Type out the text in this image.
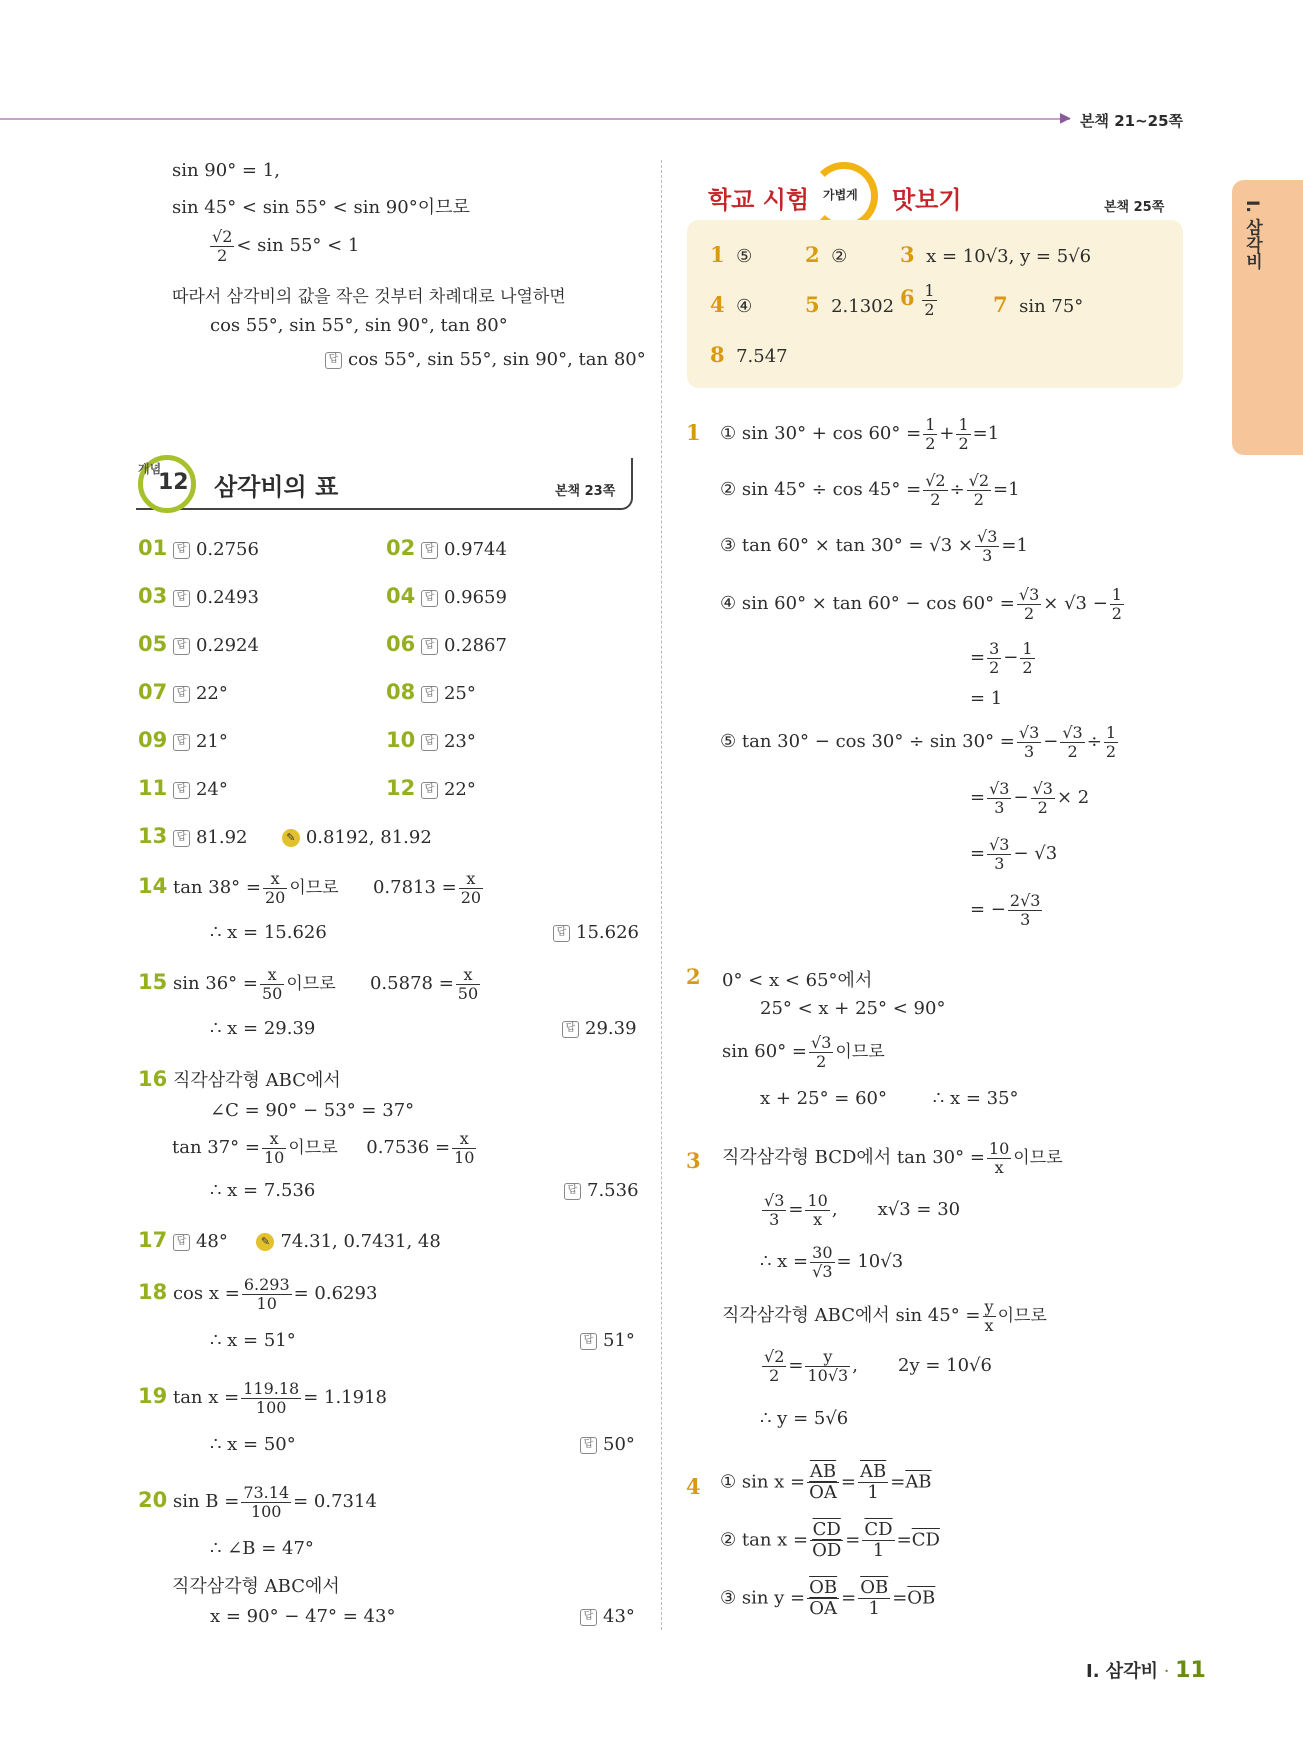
▶ 본책 21~25쪽
I. 삼각비
sin 90° = 1,
sin 45° < sin 55° < sin 90°이므로
$\frac{√2}{2} < \sin 55^\circ < 1$
따라서 삼각비의 값을 작은 것부터 차례대로 나열하면
cos 55°, sin 55°, sin 90°, tan 80°
답 cos 55°, sin 55°, sin 90°, tan 80°
개념
12 삼각비의 표	본책 23쪽
01 답 0.2756	02 답 0.9744
03 답 0.2493	04 답 0.9659
05 답 0.2924	06 답 0.2867
07 답 22°	08 답 25°
09 답 21°	10 답 23°
11 답 24°	12 답 22°
13 답 81.92	✎ 0.8192, 81.92
14 $\tan 38^\circ = \frac{x}{20}$ 이므로 $0.7813 = \frac{x}{20}$
∴ x = 15.626	답 15.626
15 $\sin 36^\circ = \frac{x}{50}$ 이므로 $0.5878 = \frac{x}{50}$
∴ x = 29.39	답 29.39
16 직각삼각형 ABC에서
∠C = 90° − 53° = 37°
$\tan 37^\circ = \frac{x}{10}$ 이므로 $0.7536 = \frac{x}{10}$
∴ x = 7.536	답 7.536
17 답 48°	✎ 74.31, 0.7431, 48
18 $\cos x = \frac{6.293}{10} = 0.6293$
∴ x = 51°	답 51°
19 $\tan x = \frac{119.18}{100} = 1.1918$
∴ x = 50°	답 50°
20 $\sin B = \frac{73.14}{100} = 0.7314$
∴ ∠B = 47°
직각삼각형 ABC에서
x = 90° − 47° = 43°	답 43°
학교 시험 가볍게 맛보기	본책 25쪽
1 ⑤	2 ②	3 x = 10√3, y = 5√6
4 ④	5 2.1302 $6 \frac{1}{2}$	7 sin 75°
8 7.547
1 ① $\sin 30^\circ + \cos 60^\circ = \frac{1}{2} + \frac{1}{2} =1$
② $\sin 45^\circ \div \cos 45^\circ = \frac{√2}{2} \div \frac{√2}{2} =1$
③ $\tan 60^\circ \times \tan 30^\circ = √3 \times \frac{√3}{3} =1$
④ $\sin 60^\circ \times \tan 60^\circ - \cos 60^\circ = \frac{√3}{2} \times √3 - \frac{1}{2}$
= $\frac{3}{2} - \frac{1}{2}$
= 1
⑤ $\tan 30^\circ - \cos 30^\circ \div \sin 30^\circ = \frac{√3}{3} - \frac{√3}{2} \div \frac{1}{2}$
= $\frac{√3}{3} - \frac{√3}{2} \times 2$
= $\frac{√3}{3} - √3$
= − $\frac{2√3}{3}$
2 0° < x < 65°에서
25° < x + 25° < 90°
$\sin 60^\circ = \frac{√3}{2}$ 이므로
x + 25° = 60°	∴ x = 35°
3 직각삼각형 BCD에서 $\tan 30^\circ = \frac{10}{x}$ 이므로
$\frac{√3}{3} = \frac{10}{x}$ , x√3 = 30
∴ $x = \frac{30}{√3} = 10√3$
직각삼각형 ABC에서 $\sin 45^\circ = \frac{y}{x}$ 이므로
$\frac{√2}{2} = \frac{y}{10√3}$ , 2y = 10√6
∴ y = 5√6
4 ① $\sin x = \frac{\overline{AB}}{OA} = \frac{\overline{AB}}{1} =\overline{AB}$
② $\tan x = \frac{\overline{CD}}{OD} = \frac{\overline{CD}}{1} =\overline{CD}$
③ $\sin y = \frac{\overline{OB}}{OA} = \frac{\overline{OB}}{1} =\overline{OB}$
I. 삼각비 · 11
